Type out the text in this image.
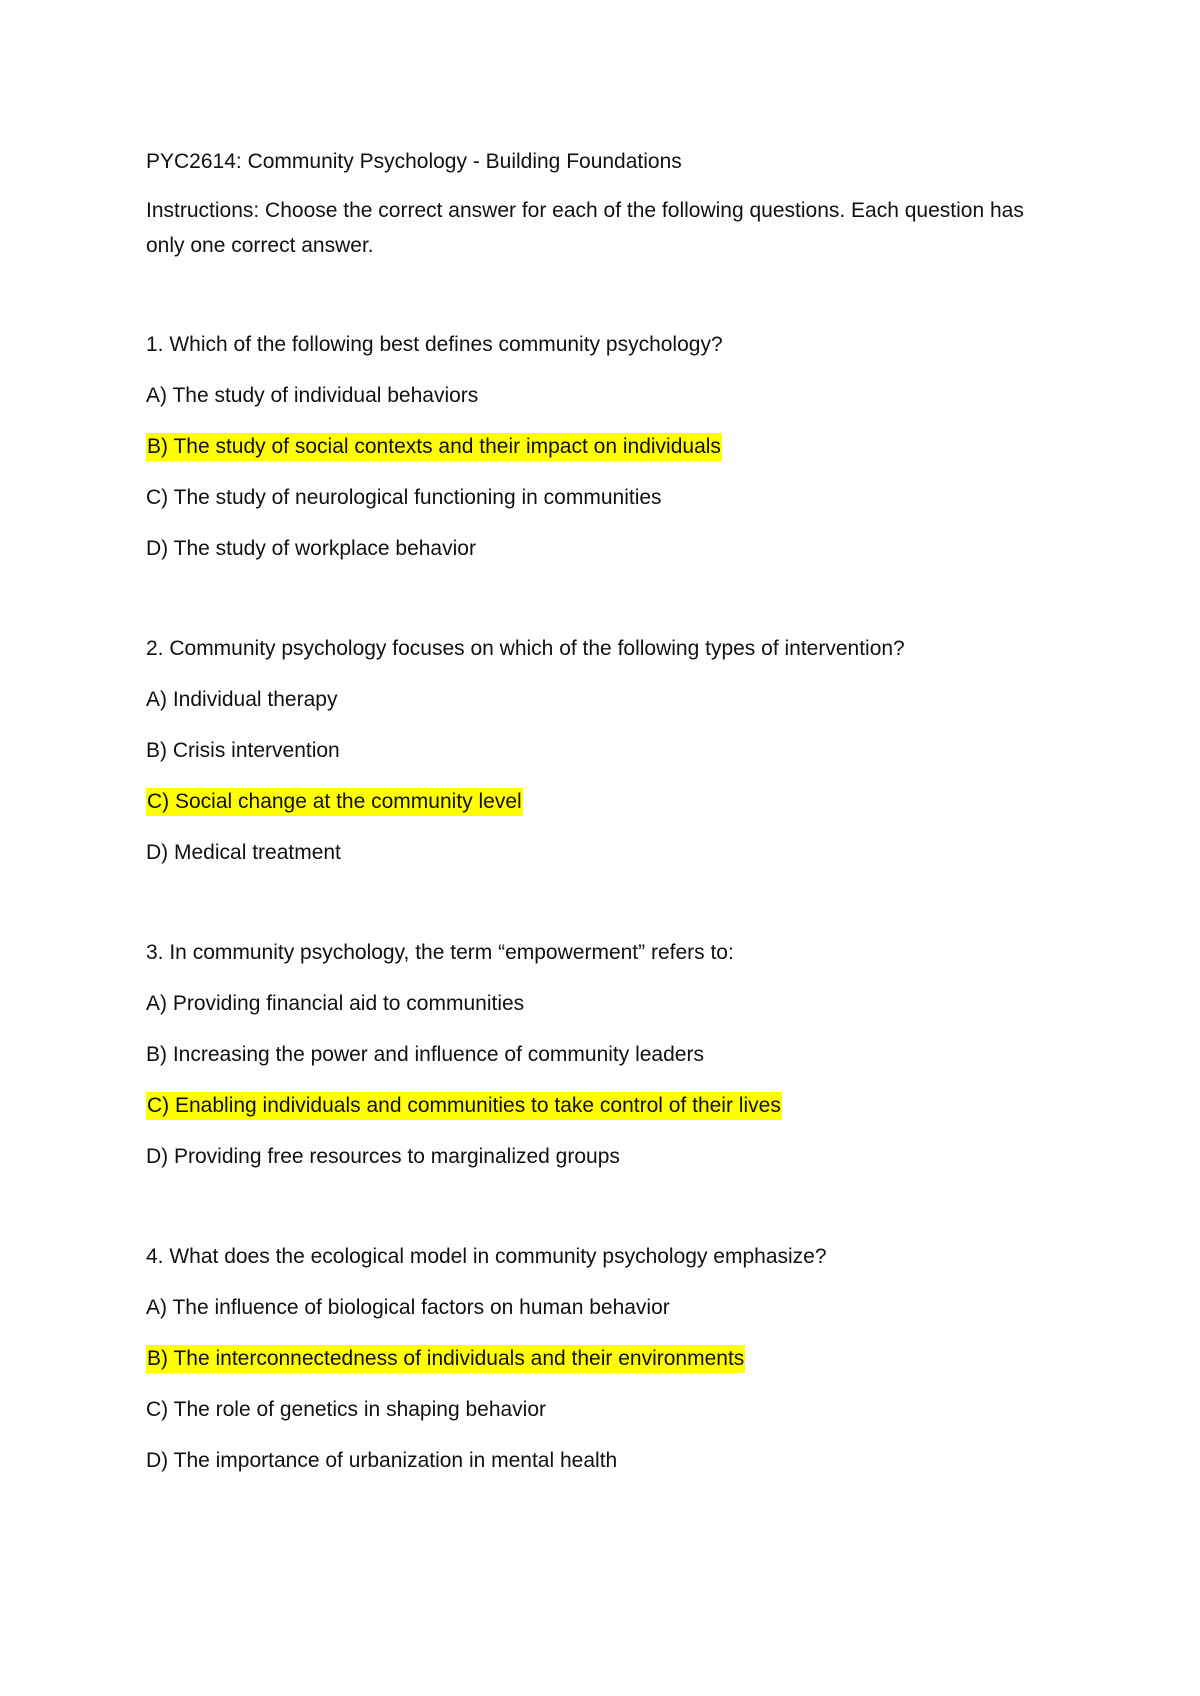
PYC2614: Community Psychology - Building Foundations

Instructions: Choose the correct answer for each of the following questions. Each question has only one correct answer.

1. Which of the following best defines community psychology?

A) The study of individual behaviors

B) The study of social contexts and their impact on individuals

C) The study of neurological functioning in communities

D) The study of workplace behavior

2. Community psychology focuses on which of the following types of intervention?

A) Individual therapy

B) Crisis intervention

C) Social change at the community level

D) Medical treatment

3. In community psychology, the term “empowerment” refers to:

A) Providing financial aid to communities

B) Increasing the power and influence of community leaders

C) Enabling individuals and communities to take control of their lives

D) Providing free resources to marginalized groups

4. What does the ecological model in community psychology emphasize?

A) The influence of biological factors on human behavior

B) The interconnectedness of individuals and their environments

C) The role of genetics in shaping behavior

D) The importance of urbanization in mental health
